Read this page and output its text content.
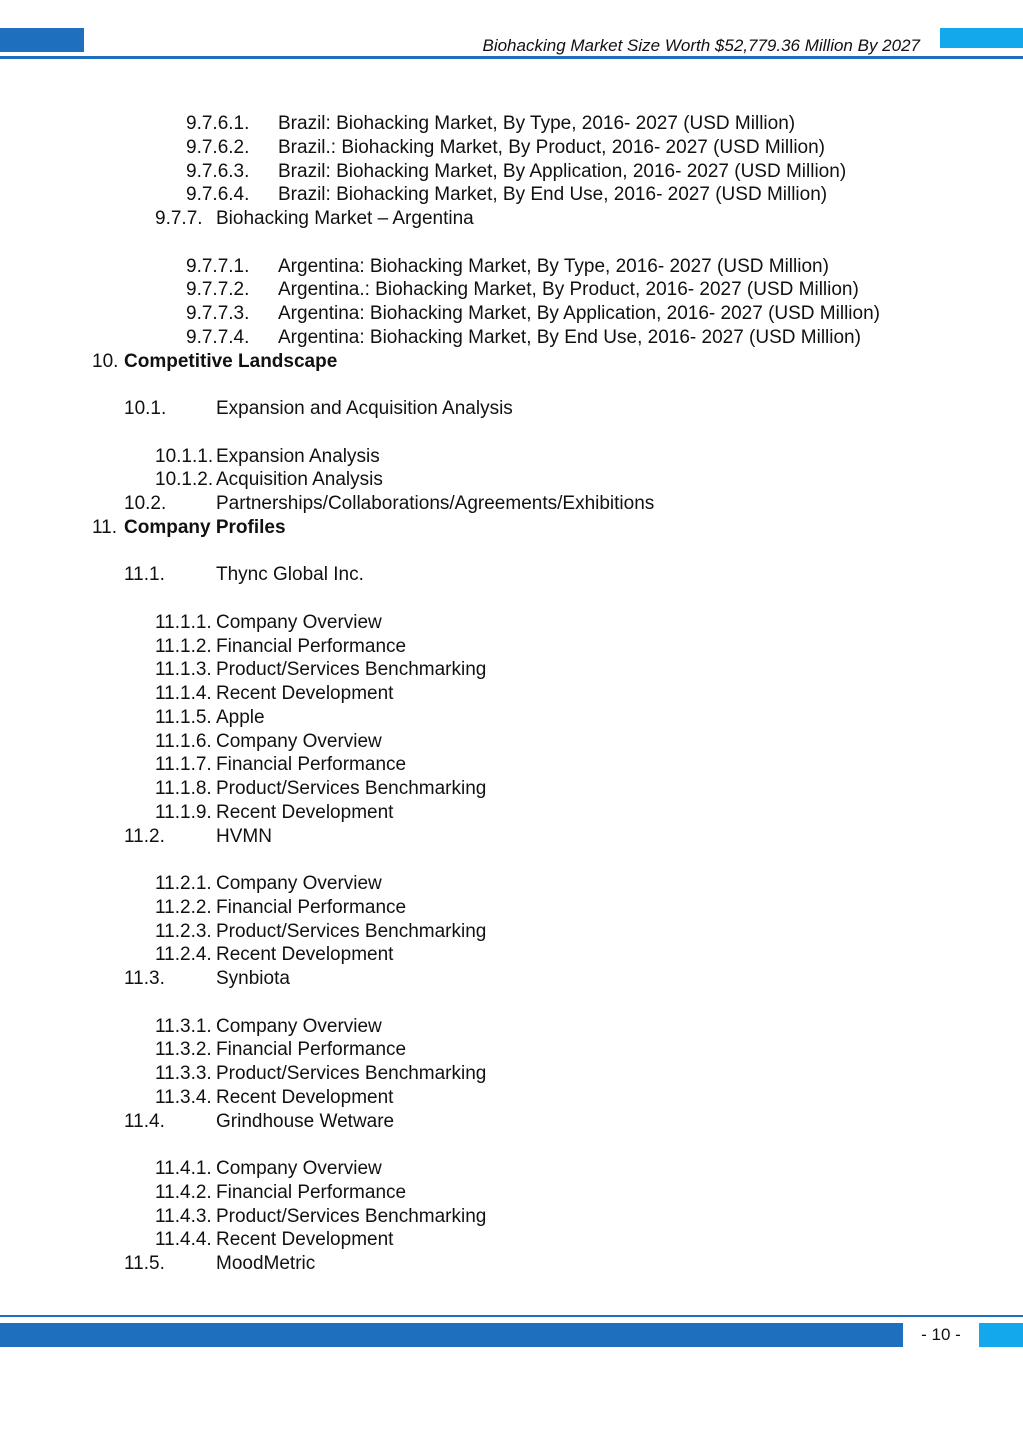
Biohacking Market Size Worth $52,779.36 Million By 2027
9.7.6.1. Brazil: Biohacking Market, By Type, 2016- 2027 (USD Million)
9.7.6.2. Brazil.: Biohacking Market, By Product, 2016- 2027 (USD Million)
9.7.6.3. Brazil: Biohacking Market, By Application, 2016- 2027 (USD Million)
9.7.6.4. Brazil: Biohacking Market, By End Use, 2016- 2027 (USD Million)
9.7.7. Biohacking Market – Argentina
9.7.7.1. Argentina: Biohacking Market, By Type, 2016- 2027 (USD Million)
9.7.7.2. Argentina.: Biohacking Market, By Product, 2016- 2027 (USD Million)
9.7.7.3. Argentina: Biohacking Market, By Application, 2016- 2027 (USD Million)
9.7.7.4. Argentina: Biohacking Market, By End Use, 2016- 2027 (USD Million)
10. Competitive Landscape
10.1.	Expansion and Acquisition Analysis
10.1.1. Expansion Analysis
10.1.2. Acquisition Analysis
10.2.	Partnerships/Collaborations/Agreements/Exhibitions
11. Company Profiles
11.1.	Thync Global Inc.
11.1.1. Company Overview
11.1.2. Financial Performance
11.1.3. Product/Services Benchmarking
11.1.4. Recent Development
11.1.5. Apple
11.1.6. Company Overview
11.1.7. Financial Performance
11.1.8. Product/Services Benchmarking
11.1.9. Recent Development
11.2.	HVMN
11.2.1. Company Overview
11.2.2. Financial Performance
11.2.3. Product/Services Benchmarking
11.2.4. Recent Development
11.3.	Synbiota
11.3.1. Company Overview
11.3.2. Financial Performance
11.3.3. Product/Services Benchmarking
11.3.4. Recent Development
11.4.	Grindhouse Wetware
11.4.1. Company Overview
11.4.2. Financial Performance
11.4.3. Product/Services Benchmarking
11.4.4. Recent Development
11.5.	MoodMetric
- 10 -
